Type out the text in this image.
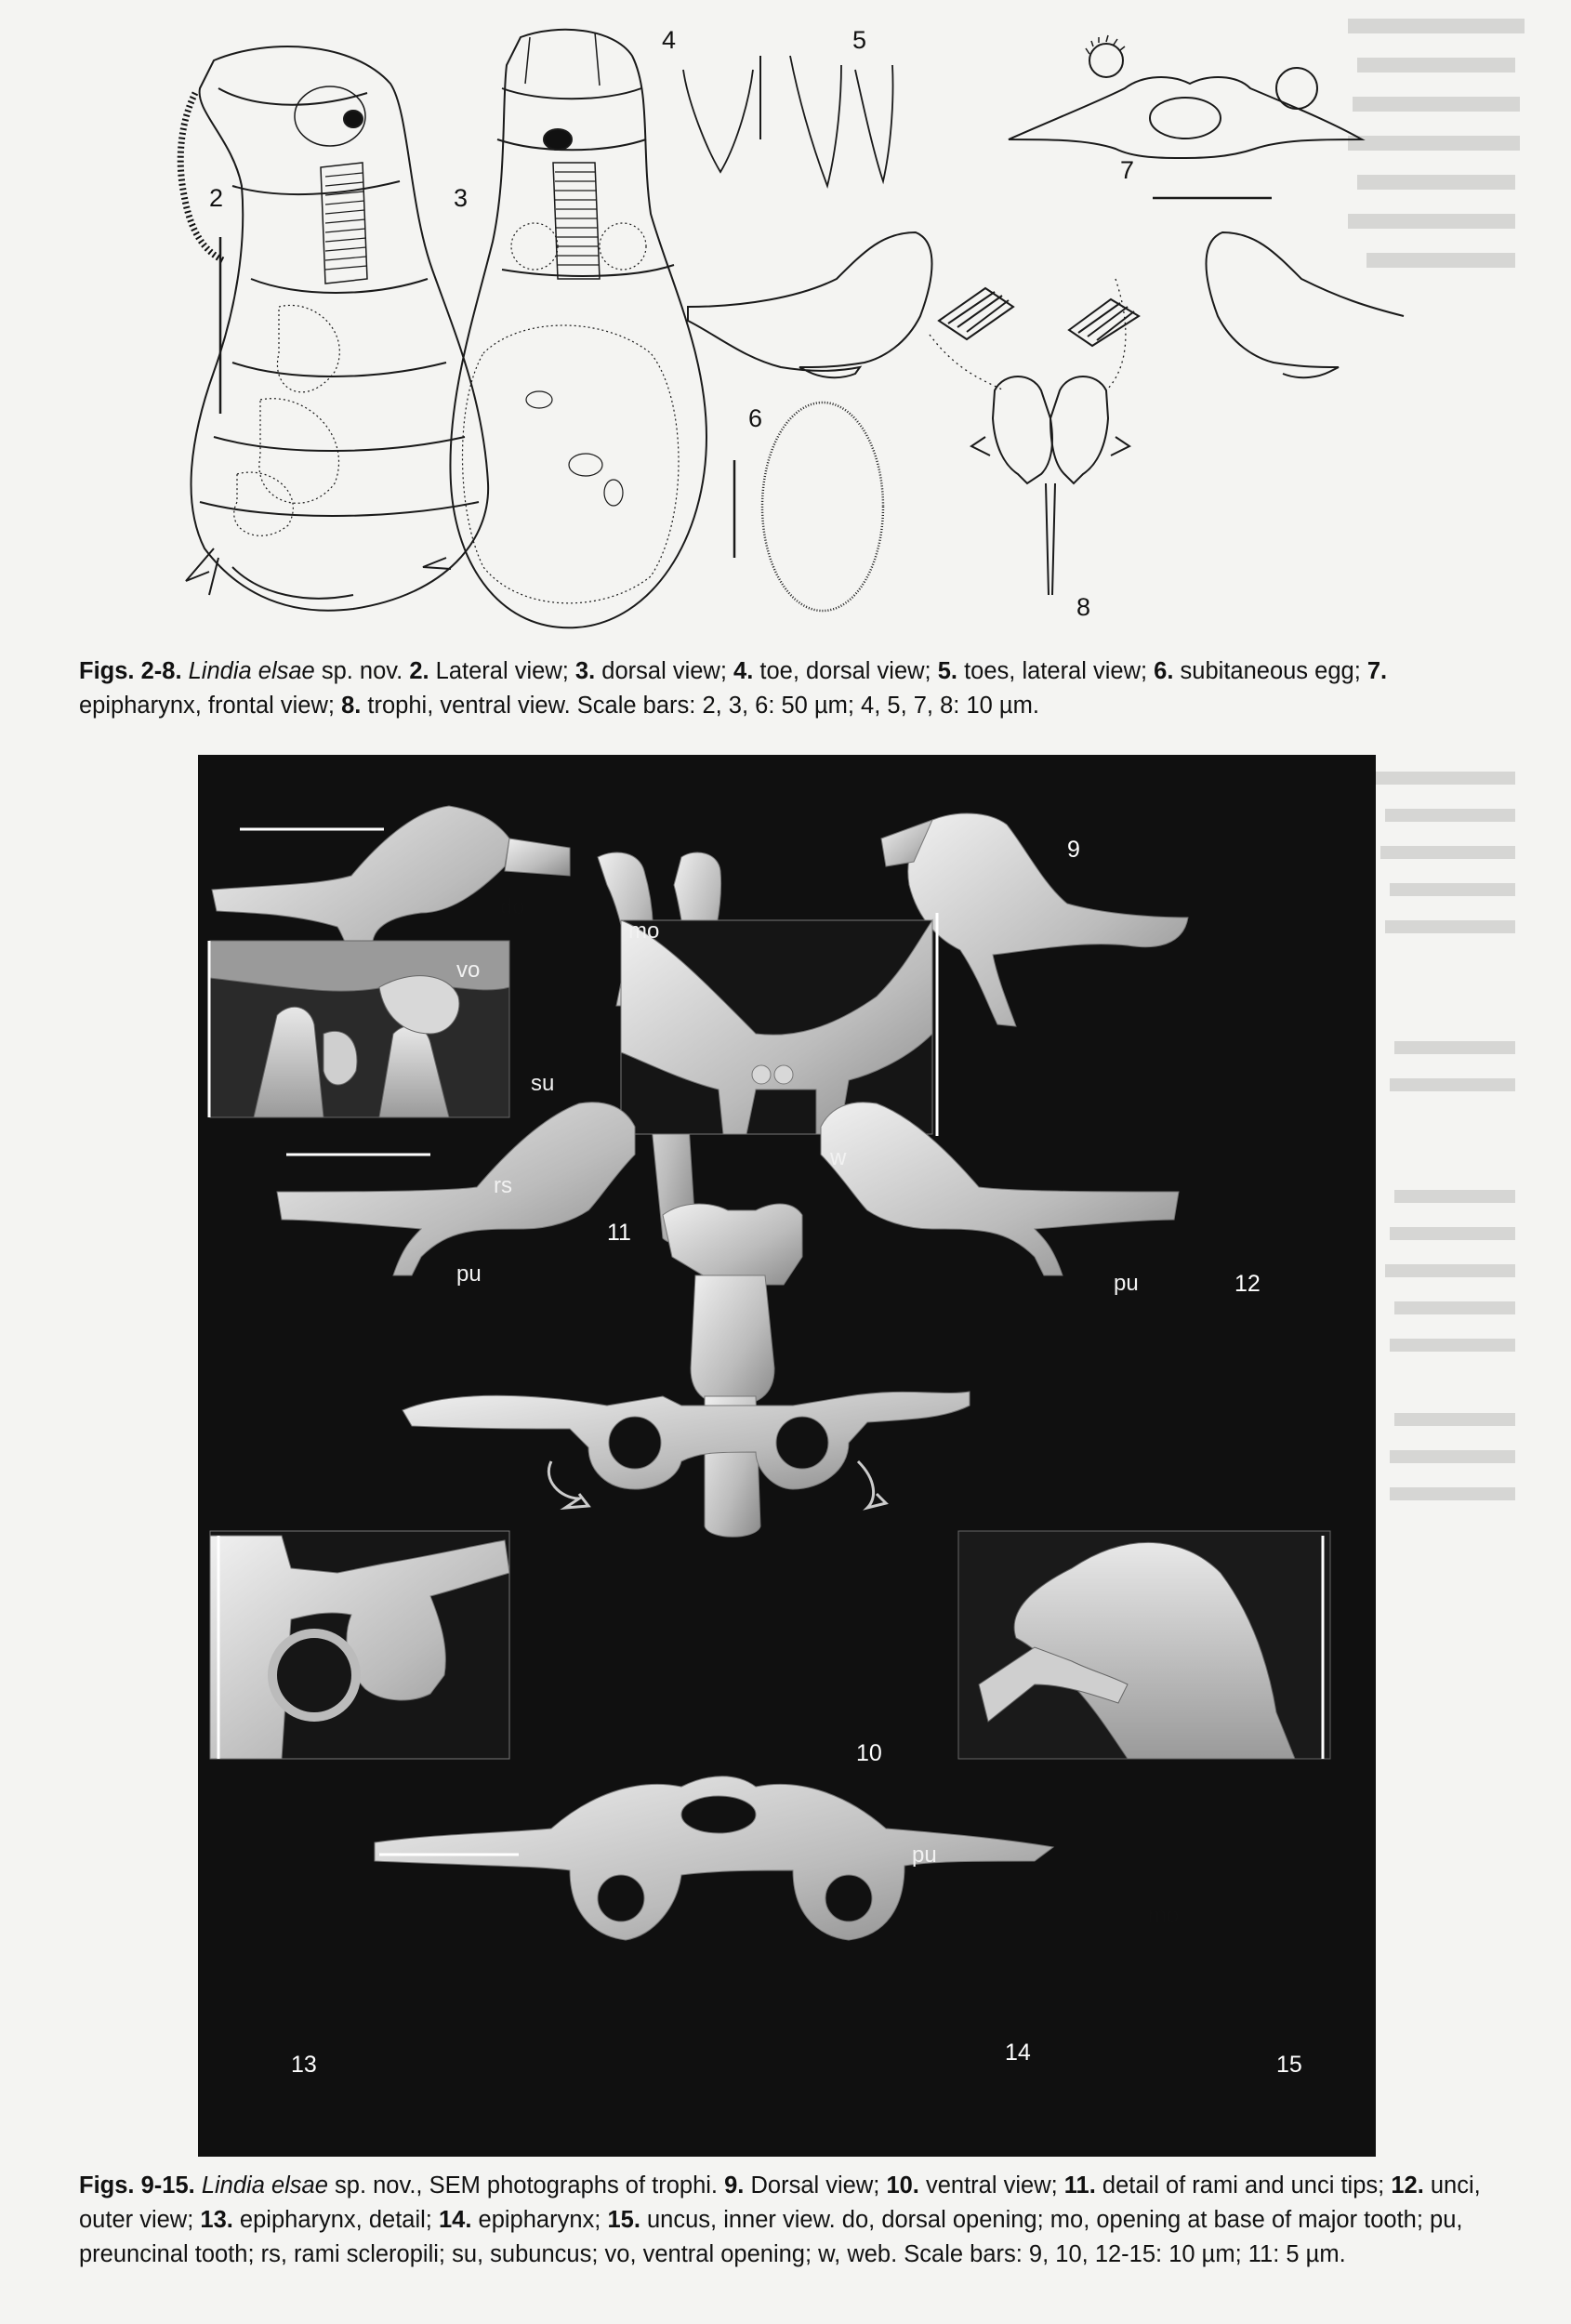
2	3
4	5
6
7
8

Figs. 2-8. Lindia elsae sp. nov. 2. Lateral view; 3. dorsal view; 4. toe, dorsal view; 5. toes, lateral view; 6. subitaneous egg; 7. epipharynx, frontal view; 8. trophi, ventral view. Scale bars: 2, 3, 6: 50 µm; 4, 5, 7, 8: 10 µm.

9
10
11
12
13	14	15
do
mo
vo
su
rs
pu
w
pu
pu
mo

Figs. 9-15. Lindia elsae sp. nov., SEM photographs of trophi. 9. Dorsal view; 10. ventral view; 11. detail of rami and unci tips; 12. unci, outer view; 13. epipharynx, detail; 14. epipharynx; 15. uncus, inner view. do, dorsal opening; mo, opening at base of major tooth; pu, preuncinal tooth; rs, rami scleropili; su, subuncus; vo, ventral opening; w, web. Scale bars: 9, 10, 12-15: 10 µm; 11: 5 µm.
